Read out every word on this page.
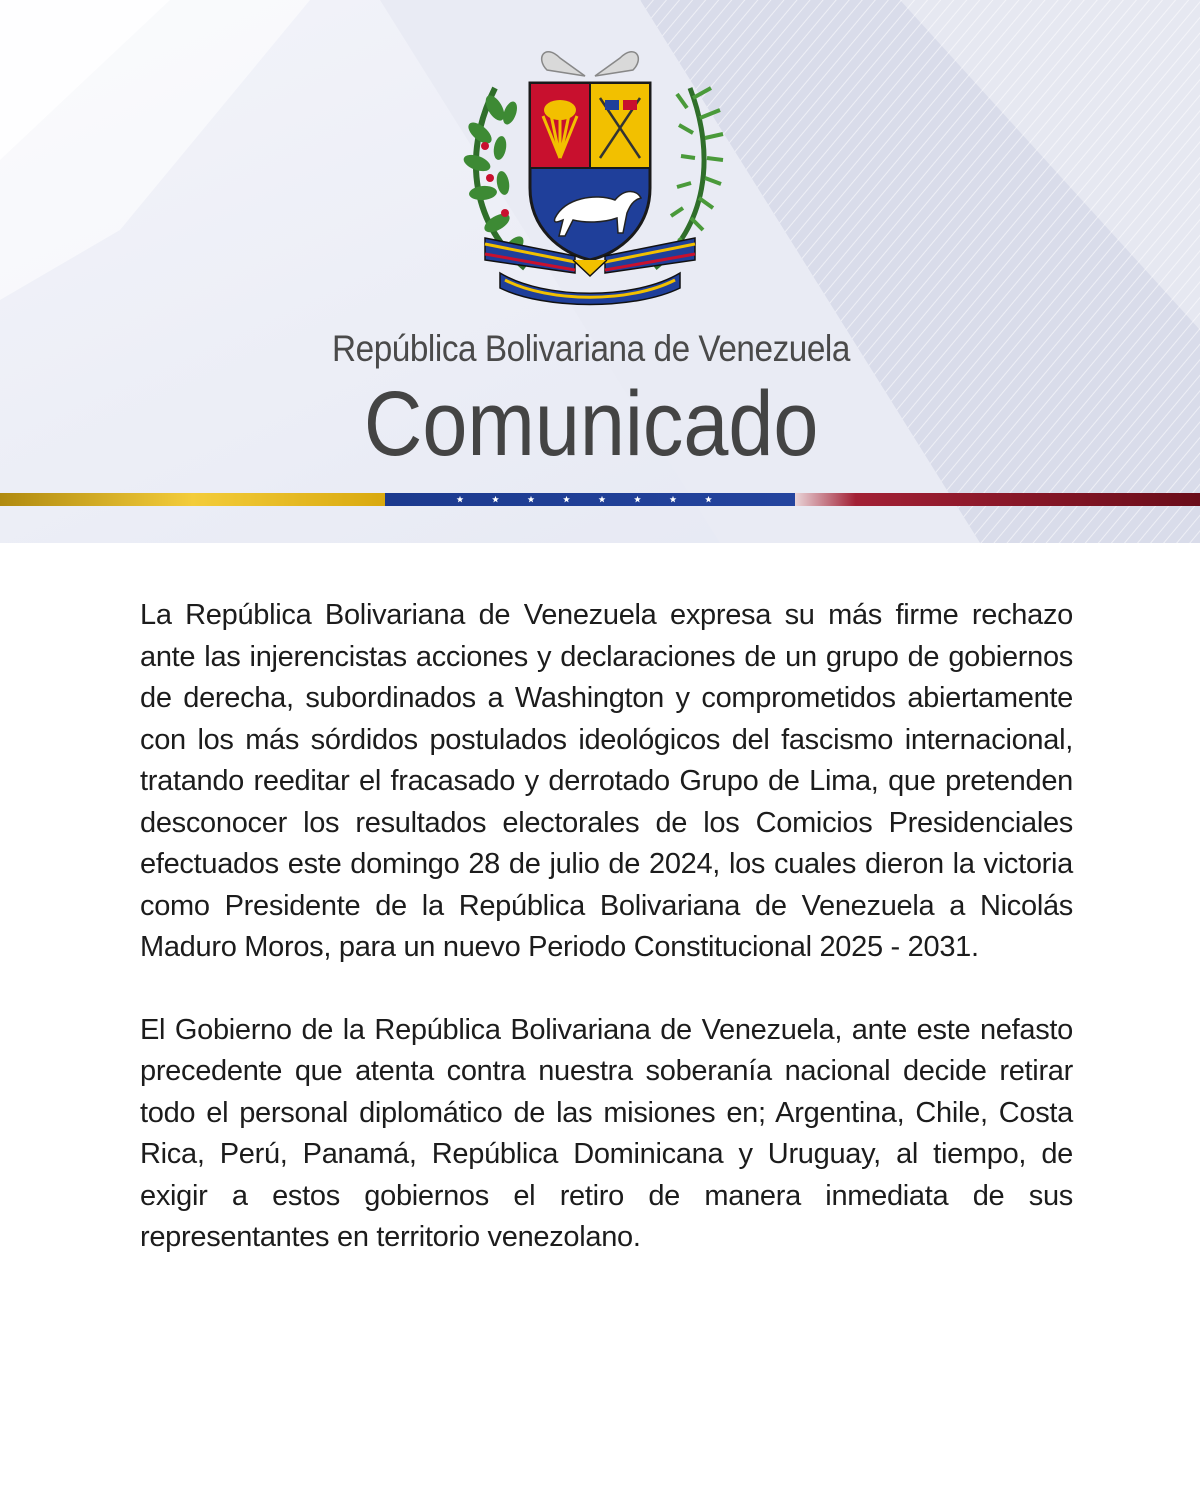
República Bolivariana de Venezuela
Comunicado

La República Bolivariana de Venezuela expresa su más firme rechazo ante las injerencistas acciones y declaraciones de un grupo de gobiernos de derecha, subordinados a Washington y comprometidos abiertamente con los más sórdidos postulados ideológicos del fascismo internacional, tratando reeditar el fracasado y derrotado Grupo de Lima, que pretenden desconocer los resultados electorales de los Comicios Presidenciales efectuados este domingo 28 de julio de 2024, los cuales dieron la victoria como Presidente de la República Bolivariana de Venezuela a Nicolás Maduro Moros, para un nuevo Periodo Constitucional 2025 - 2031.

El Gobierno de la República Bolivariana de Venezuela, ante este nefasto precedente que atenta contra nuestra soberanía nacional decide retirar todo el personal diplomático de las misiones en; Argentina, Chile, Costa Rica, Perú, Panamá, República Dominicana y Uruguay, al tiempo, de exigir a estos gobiernos el retiro de manera inmediata de sus representantes en territorio venezolano.
